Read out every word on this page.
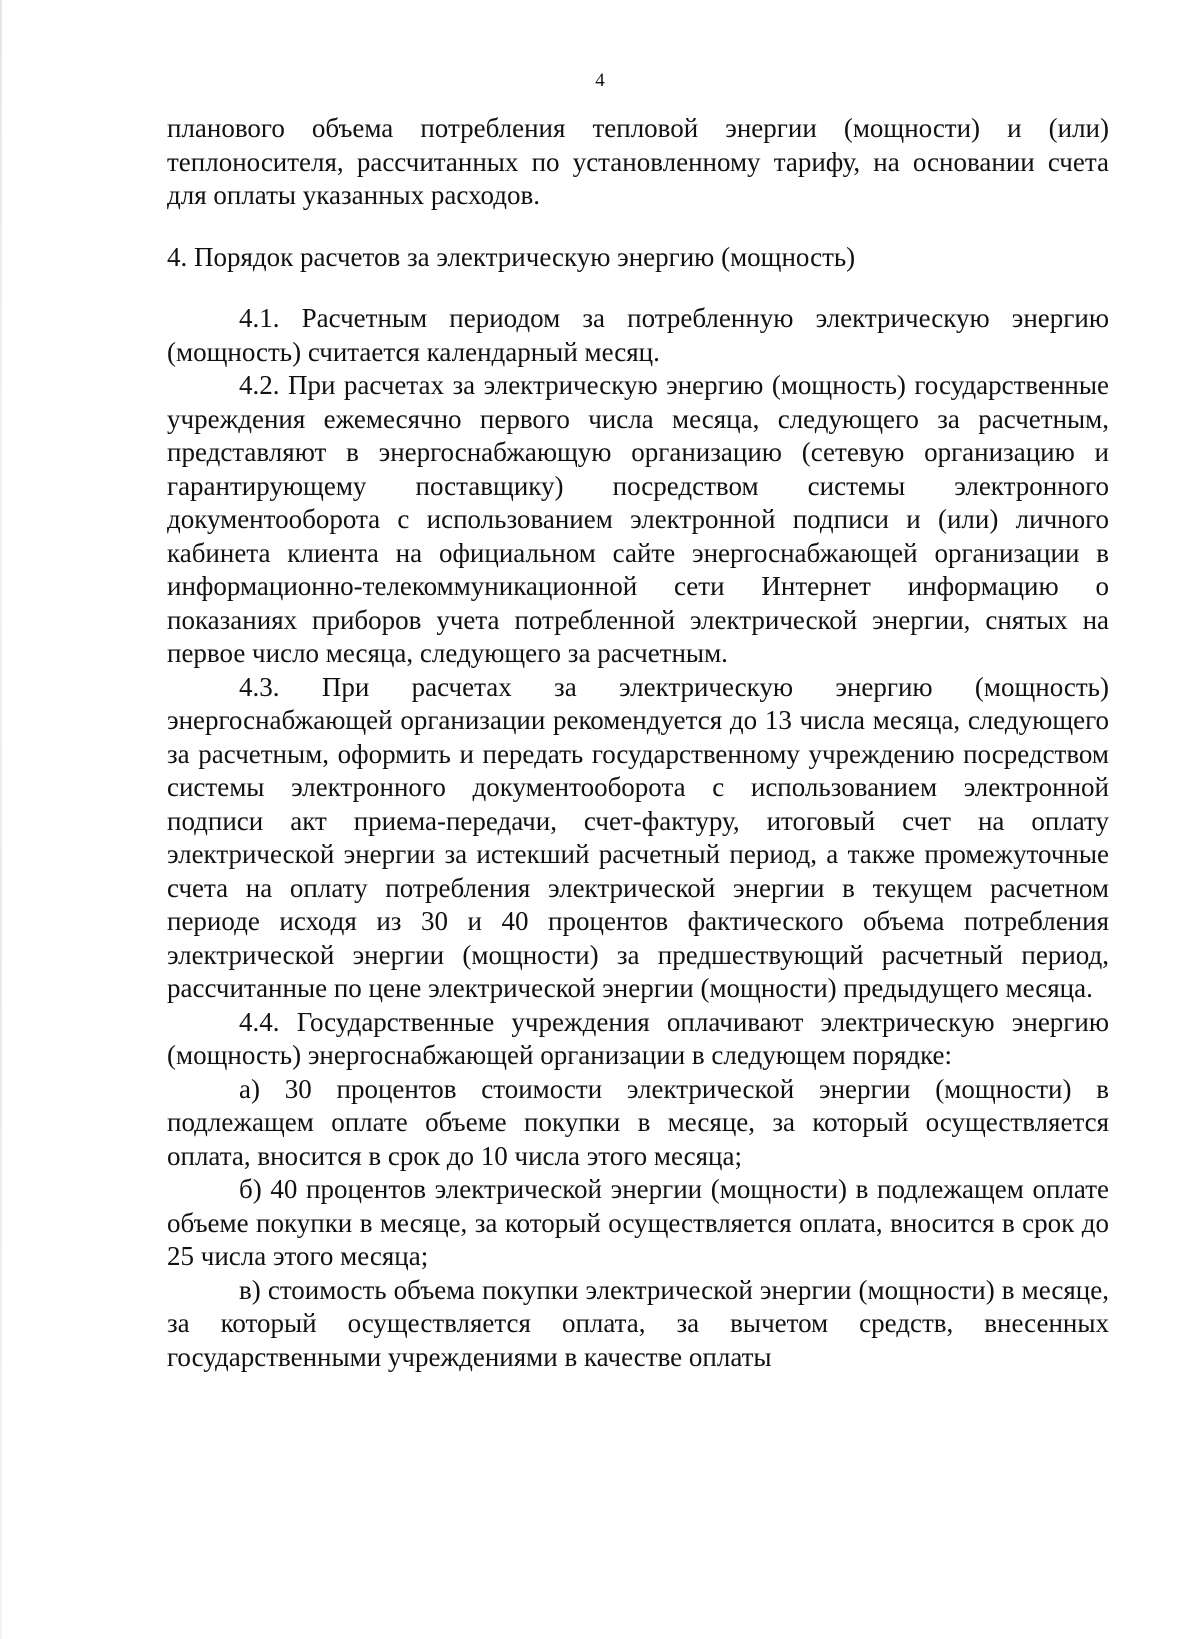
4

планового объема потребления тепловой энергии (мощности) и (или) теплоносителя, рассчитанных по установленному тарифу, на основании счета для оплаты указанных расходов.

4. Порядок расчетов за электрическую энергию (мощность)

4.1. Расчетным периодом за потребленную электрическую энергию (мощность) считается календарный месяц.

4.2. При расчетах за электрическую энергию (мощность) государственные учреждения ежемесячно первого числа месяца, следующего за расчетным, представляют в энергоснабжающую организацию (сетевую организацию и гарантирующему поставщику) посредством системы электронного документооборота с использованием электронной подписи и (или) личного кабинета клиента на официальном сайте энергоснабжающей организации в информационно-телекоммуникационной сети Интернет информацию о показаниях приборов учета потребленной электрической энергии, снятых на первое число месяца, следующего за расчетным.

4.3. При расчетах за электрическую энергию (мощность) энергоснабжающей организации рекомендуется до 13 числа месяца, следующего за расчетным, оформить и передать государственному учреждению посредством системы электронного документооборота с использованием электронной подписи акт приема-передачи, счет-фактуру, итоговый счет на оплату электрической энергии за истекший расчетный период, а также промежуточные счета на оплату потребления электрической энергии в текущем расчетном периоде исходя из 30 и 40 процентов фактического объема потребления электрической энергии (мощности) за предшествующий расчетный период, рассчитанные по цене электрической энергии (мощности) предыдущего месяца.

4.4. Государственные учреждения оплачивают электрическую энергию (мощность) энергоснабжающей организации в следующем порядке:

а) 30 процентов стоимости электрической энергии (мощности) в подлежащем оплате объеме покупки в месяце, за который осуществляется оплата, вносится в срок до 10 числа этого месяца;

б) 40 процентов электрической энергии (мощности) в подлежащем оплате объеме покупки в месяце, за который осуществляется оплата, вносится в срок до 25 числа этого месяца;

в) стоимость объема покупки электрической энергии (мощности) в месяце, за который осуществляется оплата, за вычетом средств, внесенных государственными учреждениями в качестве оплаты
